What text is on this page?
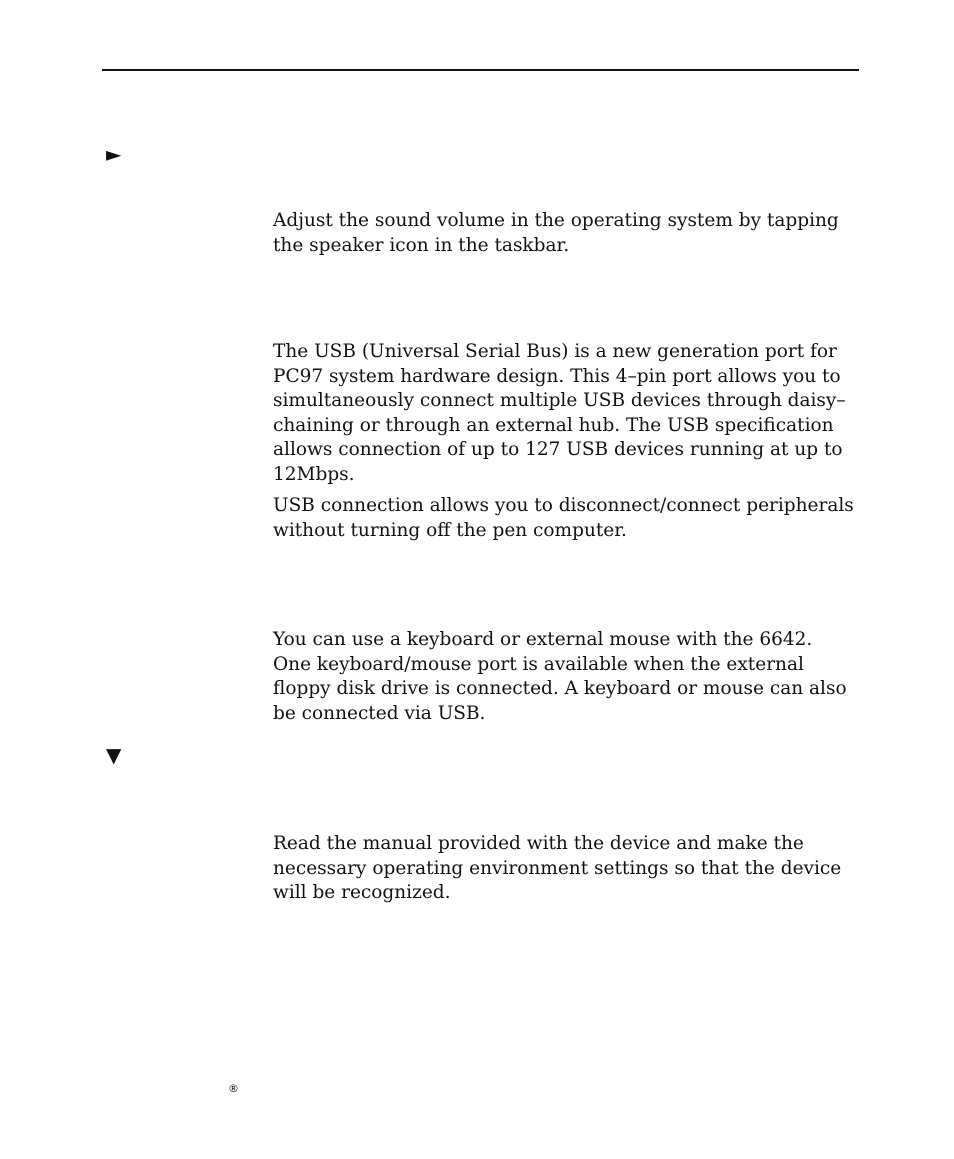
►

Adjust the sound volume in the operating system by tapping
the speaker icon in the taskbar.

The USB (Universal Serial Bus) is a new generation port for
PC97 system hardware design. This 4–pin port allows you to
simultaneously connect multiple USB devices through daisy–
chaining or through an external hub. The USB specification
allows connection of up to 127 USB devices running at up to
12Mbps.

USB connection allows you to disconnect/connect peripherals
without turning off the pen computer.

You can use a keyboard or external mouse with the 6642.
One keyboard/mouse port is available when the external
floppy disk drive is connected. A keyboard or mouse can also
be connected via USB.

▼

Read the manual provided with the device and make the
necessary operating environment settings so that the device
will be recognized.

®
